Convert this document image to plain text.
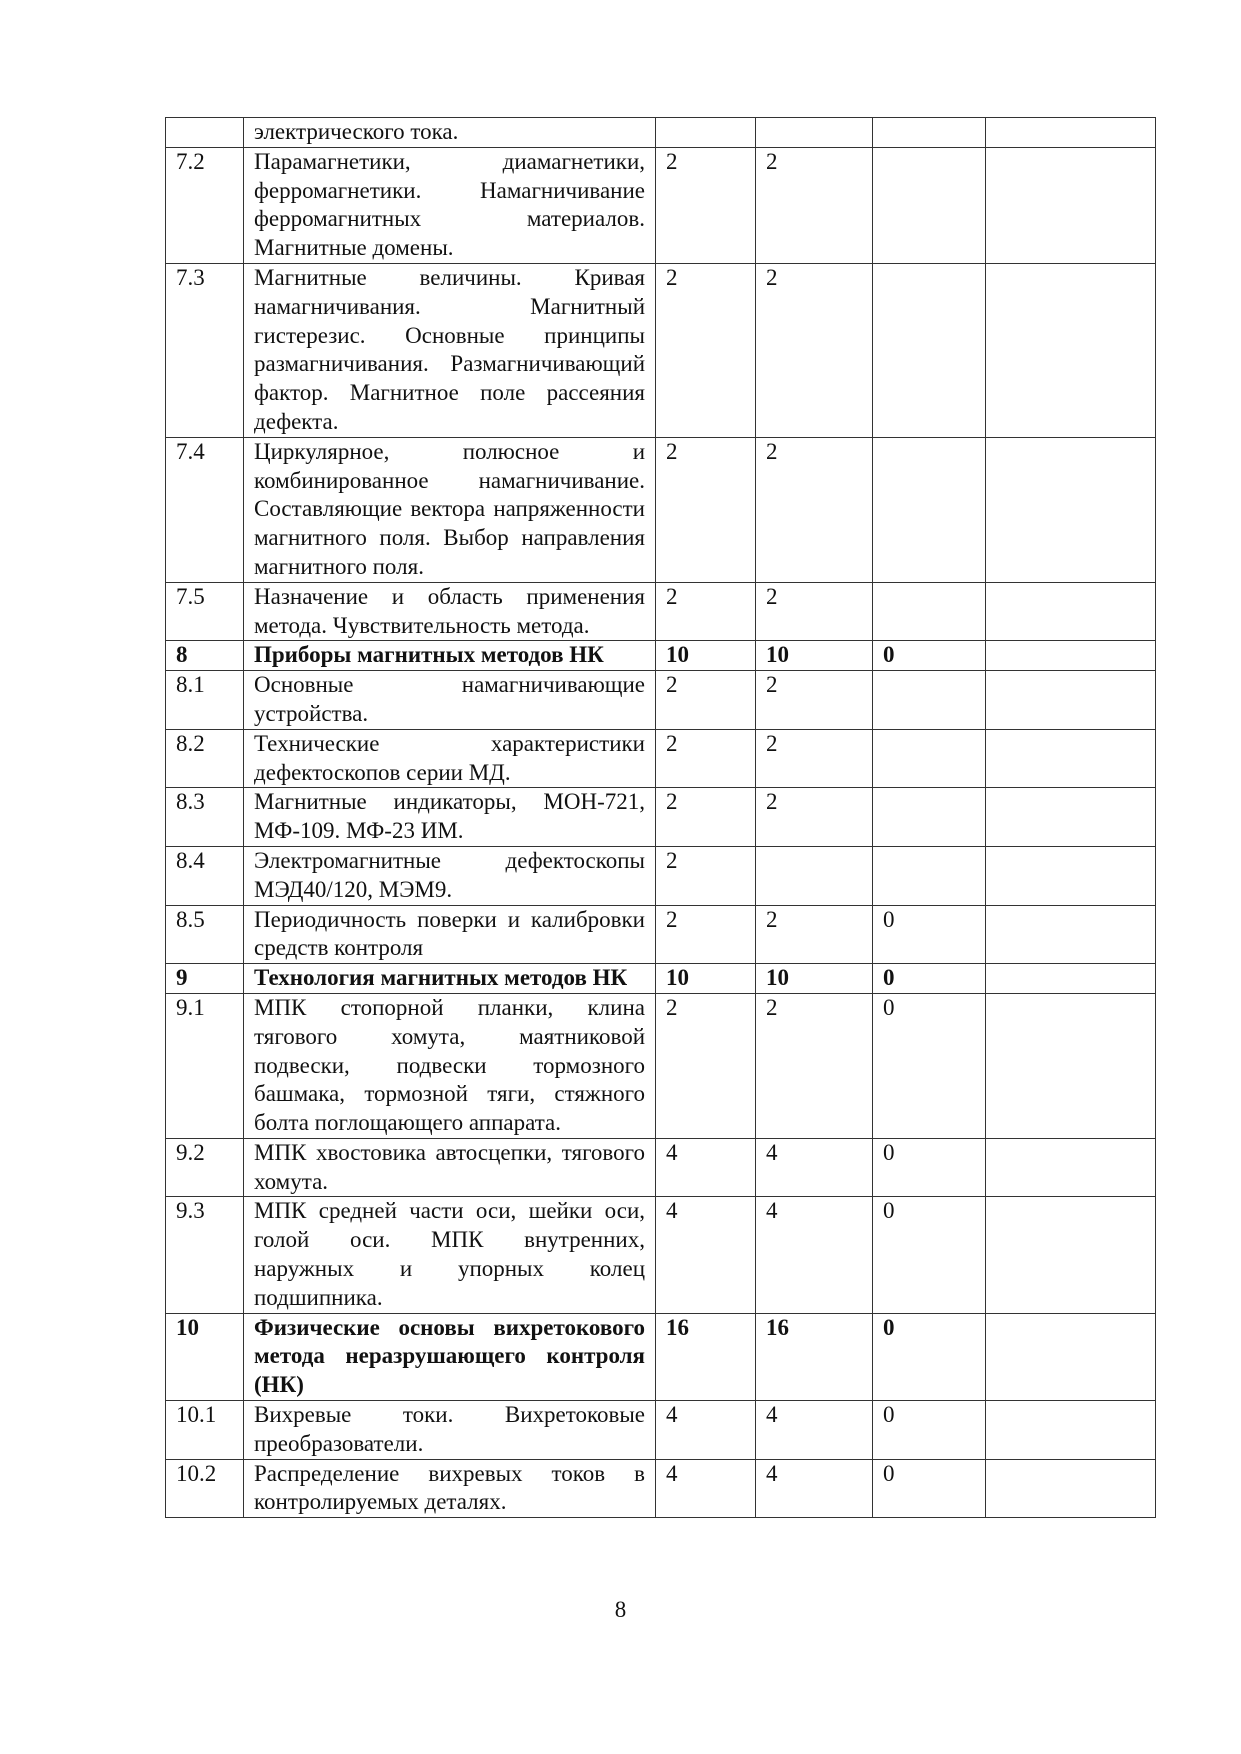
	электрического тока.				
7.2	Парамагнетики, диамагнетики, ферромагнетики. Намагничивание ферромагнитных материалов. Магнитные домены.	2	2		
7.3	Магнитные величины. Кривая намагничивания. Магнитный гистерезис. Основные принципы размагничивания. Размагничивающий фактор. Магнитное поле рассеяния дефекта.	2	2		
7.4	Циркулярное, полюсное и комбинированное намагничивание. Составляющие вектора напряженности магнитного поля. Выбор направления магнитного поля.	2	2		
7.5	Назначение и область применения метода. Чувствительность метода.	2	2		
8	Приборы магнитных методов НК	10	10	0	
8.1	Основные намагничивающие устройства.	2	2		
8.2	Технические характеристики дефектоскопов серии МД.	2	2		
8.3	Магнитные индикаторы, МОН-721, МФ-109. МФ-23 ИМ.	2	2		
8.4	Электромагнитные дефектоскопы МЭД40/120, МЭМ9.	2			
8.5	Периодичность поверки и калибровки средств контроля	2	2	0	
9	Технология магнитных методов НК	10	10	0	
9.1	МПК стопорной планки, клина тягового хомута, маятниковой подвески, подвески тормозного башмака, тормозной тяги, стяжного болта поглощающего аппарата.	2	2	0	
9.2	МПК хвостовика автосцепки, тягового хомута.	4	4	0	
9.3	МПК средней части оси, шейки оси, голой оси. МПК внутренних, наружных и упорных колец подшипника.	4	4	0	
10	Физические основы вихретокового метода неразрушающего контроля (НК)	16	16	0	
10.1	Вихревые токи. Вихретоковые преобразователи.	4	4	0	
10.2	Распределение вихревых токов в контролируемых деталях.	4	4	0	
8
